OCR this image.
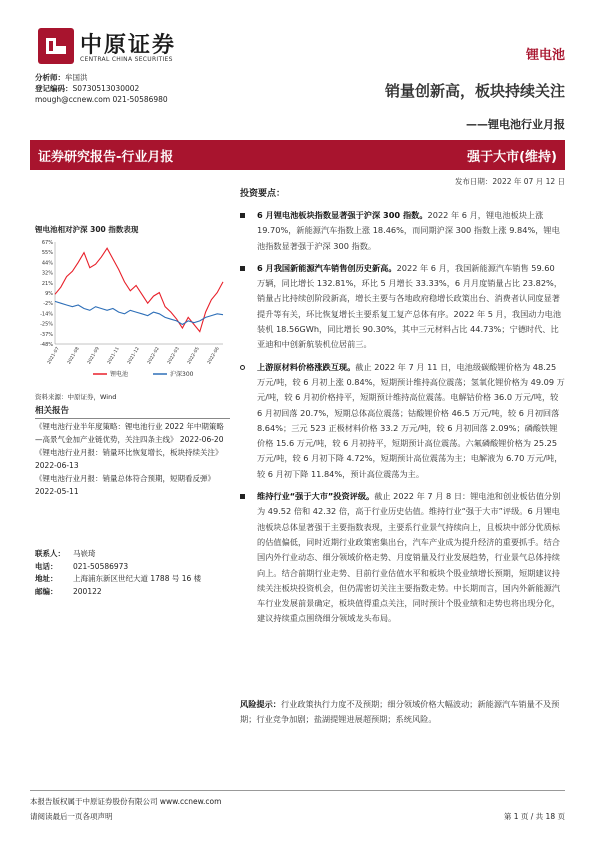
中原证券
CENTRAL CHINA SECURITIES	锂电池
分析师：牟国洪
登记编码：S0730513030002
mough@ccnew.com 021-50586980	销量创新高，板块持续关注
——锂电池行业月报
证券研究报告-行业月报	强于大市(维持)
发布日期：2022 年 07 月 12 日
锂电池相对沪深 300 指数表现
67%
55%
44%
32%
21%
9%
-2%
-14%
-25%
-37%
-48%
2021-07 2021-08 2021-09 2021-11 2021-12 2022-02 2022-03 2022-05 2022-06
锂电池	沪深300
资料来源：中原证券，Wind
相关报告
《锂电池行业半年度策略：锂电池行业 2022 年中期策略—高景气金加产业链优势，关注四条主线》 2022-06-20
《锂电池行业月报：销量环比恢复增长，板块持续关注》 2022-06-13
《锂电池行业月报：销量总体符合预期，短期看反弹》 2022-05-11
联系人：	马嵚琦
电话：	021-50586973
地址：	上海浦东新区世纪大道 1788 号 16 楼
邮编：	200122
投资要点：
6 月锂电池板块指数显著强于沪深 300 指数。2022 年 6 月，锂电池板块上涨 19.70%，新能源汽车指数上涨 18.46%，而同期沪深 300 指数上涨 9.84%，锂电池指数显著强于沪深 300 指数。
6 月我国新能源汽车销售创历史新高。2022 年 6 月，我国新能源汽车销售 59.60 万辆，同比增长 132.81%，环比 5 月增长 33.33%，6 月月度销量占比 23.82%，销量占比持续创阶段新高，增长主要与各地政府稳增长政策出台、消费者认同度显著提升等有关，环比恢复增长主要系复工复产总体有序。2022 年 5 月，我国动力电池装机 18.56GWh，同比增长 90.30%，其中三元材料占比 44.73%；宁德时代、比亚迪和中创新航装机位居前三。
上游原材料价格涨跌互现。截止 2022 年 7 月 11 日，电池级碳酸锂价格为 48.25 万元/吨，较 6 月初上涨 0.84%，短期预计维持高位震荡；氢氧化锂价格为 49.09 万元/吨，较 6 月初价格持平，短期预计维持高位震荡。电解钴价格 36.0 万元/吨，较 6 月初回落 20.7%，短期总体高位震荡；钴酸锂价格 46.5 万元/吨，较 6 月初回落 8.64%；三元 523 正极材料价格 33.2 万元/吨，较 6 月初回落 2.09%；磷酸铁锂价格 15.6 万元/吨，较 6 月初持平，短期预计高位震荡。六氟磷酸锂价格为 25.25 万元/吨，较 6 月初下降 4.72%，短期预计高位震荡为主；电解液为 6.70 万元/吨，较 6 月初下降 11.84%，预计高位震荡为主。
维持行业“强于大市”投资评级。截止 2022 年 7 月 8 日：锂电池和创业板估值分别为 49.52 倍和 42.32 倍，高于行业历史估值。维持行业“强于大市”评级。6 月锂电池板块总体显著强于主要指数表现，主要系行业景气持续向上，且板块中部分优质标的估值偏低，同时近期行业政策密集出台，汽车产业成为提升经济的重要抓手。结合国内外行业动态、细分领域价格走势、月度销量及行业发展趋势，行业景气总体持续向上。结合前期行业走势、目前行业估值水平和板块个股业绩增长预期，短期建议持续关注板块投资机会，但仍需密切关注主要指数走势。中长期而言，国内外新能源汽车行业发展前景确定，板块值得重点关注，同时预计个股业绩和走势也将出现分化，建议持续重点围绕细分领域龙头布局。
风险提示：行业政策执行力度不及预期；细分领域价格大幅波动；新能源汽车销量不及预期；行业竞争加剧；盐湖提锂进展超预期；系统风险。
本报告版权属于中原证券股份有限公司 www.ccnew.com
请阅读最后一页各项声明	第 1 页 / 共 18 页
